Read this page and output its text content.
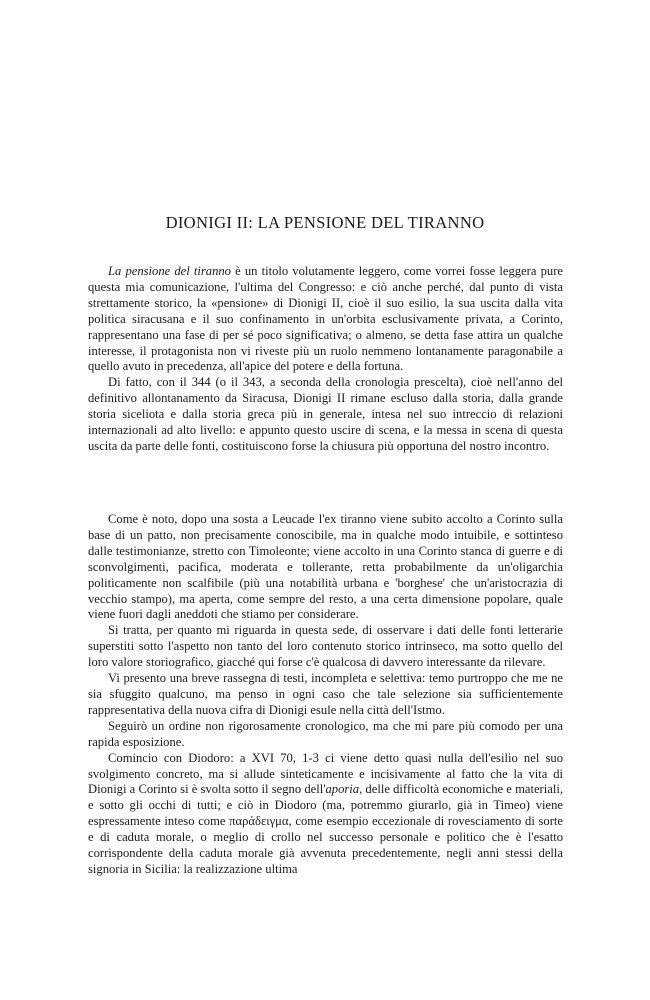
DIONIGI II: LA PENSIONE DEL TIRANNO

La pensione del tiranno è un titolo volutamente leggero, come vorrei fosse leggera pure questa mia comunicazione, l'ultima del Congresso: e ciò anche perché, dal punto di vista strettamente storico, la «pensione» di Dionigi II, cioè il suo esilio, la sua uscita dalla vita politica siracusana e il suo confinamento in un'orbita esclusivamente privata, a Corinto, rappresentano una fase di per sé poco significativa; o almeno, se detta fase attira un qualche interesse, il protagonista non vi riveste più un ruolo nemmeno lontanamente paragonabile a quello avuto in precedenza, all'apice del potere e della fortuna.

Di fatto, con il 344 (o il 343, a seconda della cronologia prescelta), cioè nell'anno del definitivo allontanamento da Siracusa, Dionigi II rimane escluso dalla storia, dalla grande storia siceliota e dalla storia greca più in generale, intesa nel suo intreccio di relazioni internazionali ad alto livello: e appunto questo uscire di scena, e la messa in scena di questa uscita da parte delle fonti, costituiscono forse la chiusura più opportuna del nostro incontro.

Come è noto, dopo una sosta a Leucade l'ex tiranno viene subito accolto a Corinto sulla base di un patto, non precisamente conoscibile, ma in qualche modo intuibile, e sottinteso dalle testimonianze, stretto con Timoleonte; viene accolto in una Corinto stanca di guerre e di sconvolgimenti, pacifica, moderata e tollerante, retta probabilmente da un'oligarchia politicamente non scalfibile (più una notabilità urbana e 'borghese' che un'aristocrazia di vecchio stampo), ma aperta, come sempre del resto, a una certa dimensione popolare, quale viene fuori dagli aneddoti che stiamo per considerare.

Si tratta, per quanto mi riguarda in questa sede, di osservare i dati delle fonti letterarie superstiti sotto l'aspetto non tanto del loro contenuto storico intrinseco, ma sotto quello del loro valore storiografico, giacché qui forse c'è qualcosa di davvero interessante da rilevare.

Vi presento una breve rassegna di testi, incompleta e selettiva: temo purtroppo che me ne sia sfuggito qualcuno, ma penso in ogni caso che tale selezione sia sufficientemente rappresentativa della nuova cifra di Dionigi esule nella città dell'Istmo.

Seguirò un ordine non rigorosamente cronologico, ma che mi pare più comodo per una rapida esposizione.

Comincio con Diodoro: a XVI 70, 1-3 ci viene detto quasi nulla dell'esilio nel suo svolgimento concreto, ma si allude sinteticamente e incisivamente al fatto che la vita di Dionigi a Corinto si è svolta sotto il segno dell'aporia, delle difficoltà economiche e materiali, e sotto gli occhi di tutti; e ciò in Diodoro (ma, potremmo giurarlo, già in Timeo) viene espressamente inteso come παράδειγμα, come esempio eccezionale di rovesciamento di sorte e di caduta morale, o meglio di crollo nel successo personale e politico che è l'esatto corrispondente della caduta morale già avvenuta precedentemente, negli anni stessi della signoria in Sicilia: la realizzazione ultima
